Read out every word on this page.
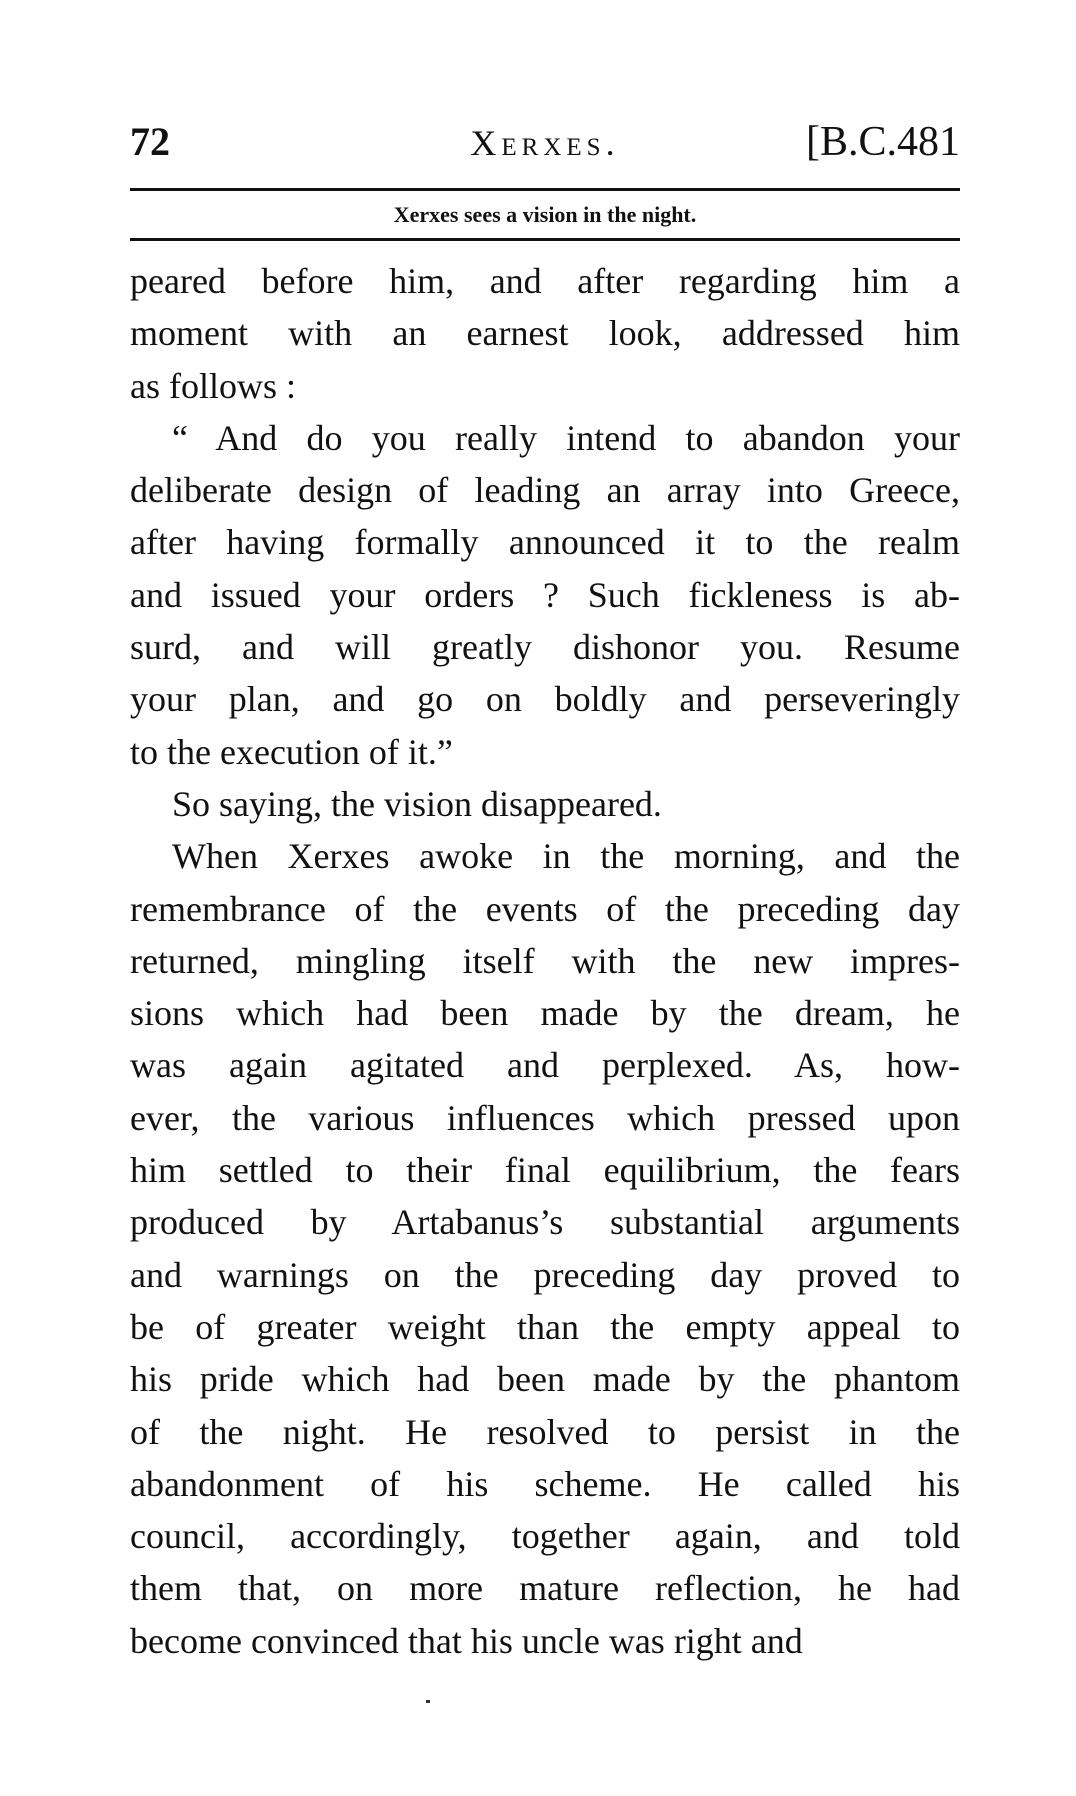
72	Xerxes.	[B.C.481
Xerxes sees a vision in the night.
peared before him, and after regarding him a
moment with an earnest look, addressed him
as follows :
“ And do you really intend to abandon your
deliberate design of leading an array into Greece,
after having formally announced it to the realm
and issued your orders ? Such fickleness is ab-
surd, and will greatly dishonor you. Resume
your plan, and go on boldly and perseveringly
to the execution of it.”
So saying, the vision disappeared.
When Xerxes awoke in the morning, and the
remembrance of the events of the preceding day
returned, mingling itself with the new impres-
sions which had been made by the dream, he
was again agitated and perplexed. As, how-
ever, the various influences which pressed upon
him settled to their final equilibrium, the fears
produced by Artabanus’s substantial arguments
and warnings on the preceding day proved to
be of greater weight than the empty appeal to
his pride which had been made by the phantom
of the night. He resolved to persist in the
abandonment of his scheme. He called his
council, accordingly, together again, and told
them that, on more mature reflection, he had
become convinced that his uncle was right and
